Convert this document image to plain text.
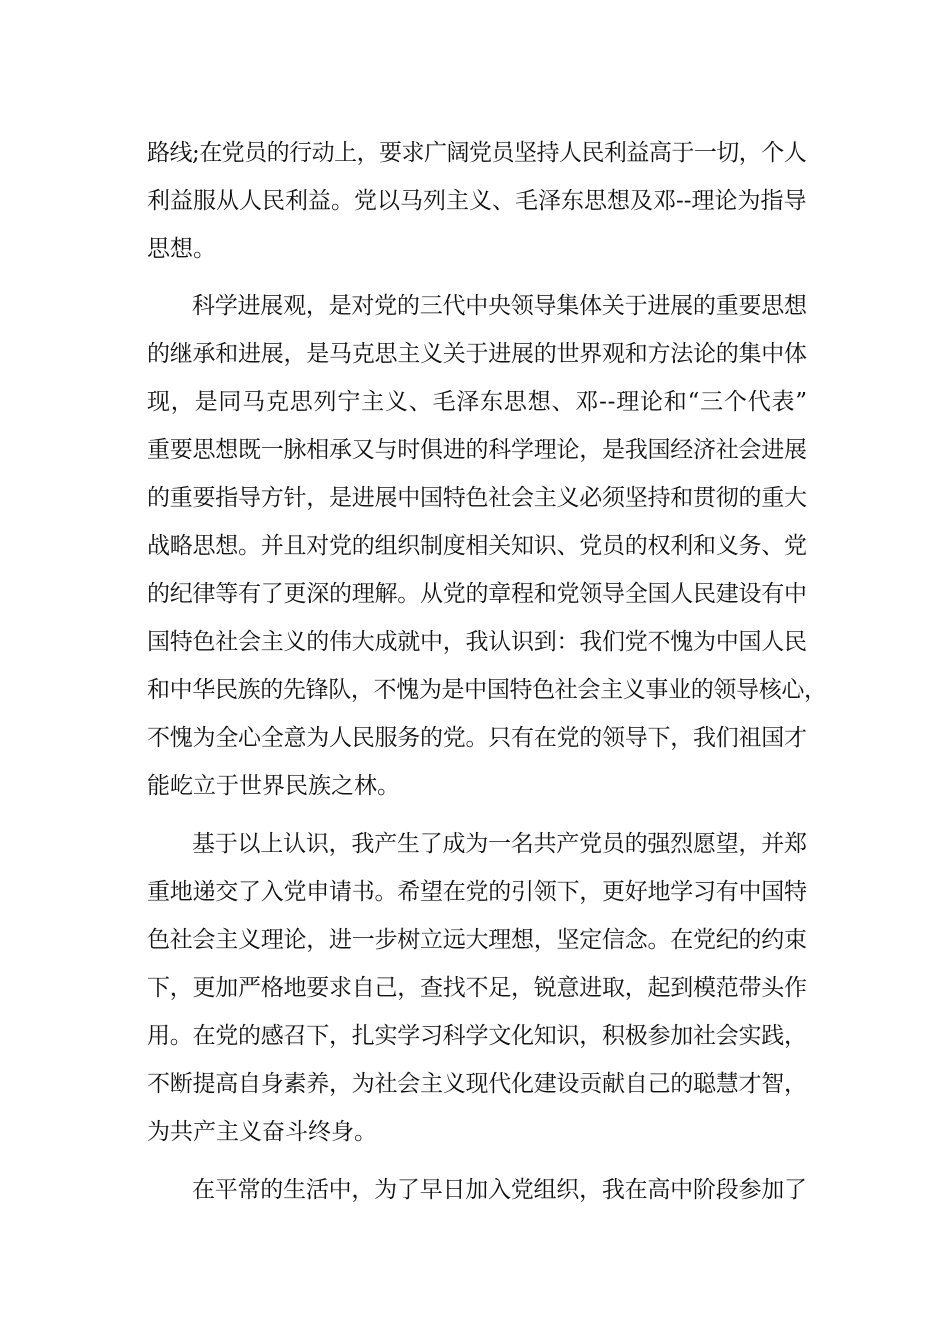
路线;在党员的行动上，要求广阔党员坚持人民利益高于一切，个人
利益服从人民利益。党以马列主义、毛泽东思想及邓--理论为指导
思想。
科学进展观，是对党的三代中央领导集体关于进展的重要思想
的继承和进展，是马克思主义关于进展的世界观和方法论的集中体
现，是同马克思列宁主义、毛泽东思想、邓--理论和“三个代表”
重要思想既一脉相承又与时俱进的科学理论，是我国经济社会进展
的重要指导方针，是进展中国特色社会主义必须坚持和贯彻的重大
战略思想。并且对党的组织制度相关知识、党员的权利和义务、党
的纪律等有了更深的理解。从党的章程和党领导全国人民建设有中
国特色社会主义的伟大成就中，我认识到：我们党不愧为中国人民
和中华民族的先锋队，不愧为是中国特色社会主义事业的领导核心，
不愧为全心全意为人民服务的党。只有在党的领导下，我们祖国才
能屹立于世界民族之林。
基于以上认识，我产生了成为一名共产党员的强烈愿望，并郑
重地递交了入党申请书。希望在党的引领下，更好地学习有中国特
色社会主义理论，进一步树立远大理想，坚定信念。在党纪的约束
下，更加严格地要求自己，查找不足，锐意进取，起到模范带头作
用。在党的感召下，扎实学习科学文化知识，积极参加社会实践，
不断提高自身素养，为社会主义现代化建设贡献自己的聪慧才智，
为共产主义奋斗终身。
在平常的生活中，为了早日加入党组织，我在高中阶段参加了
